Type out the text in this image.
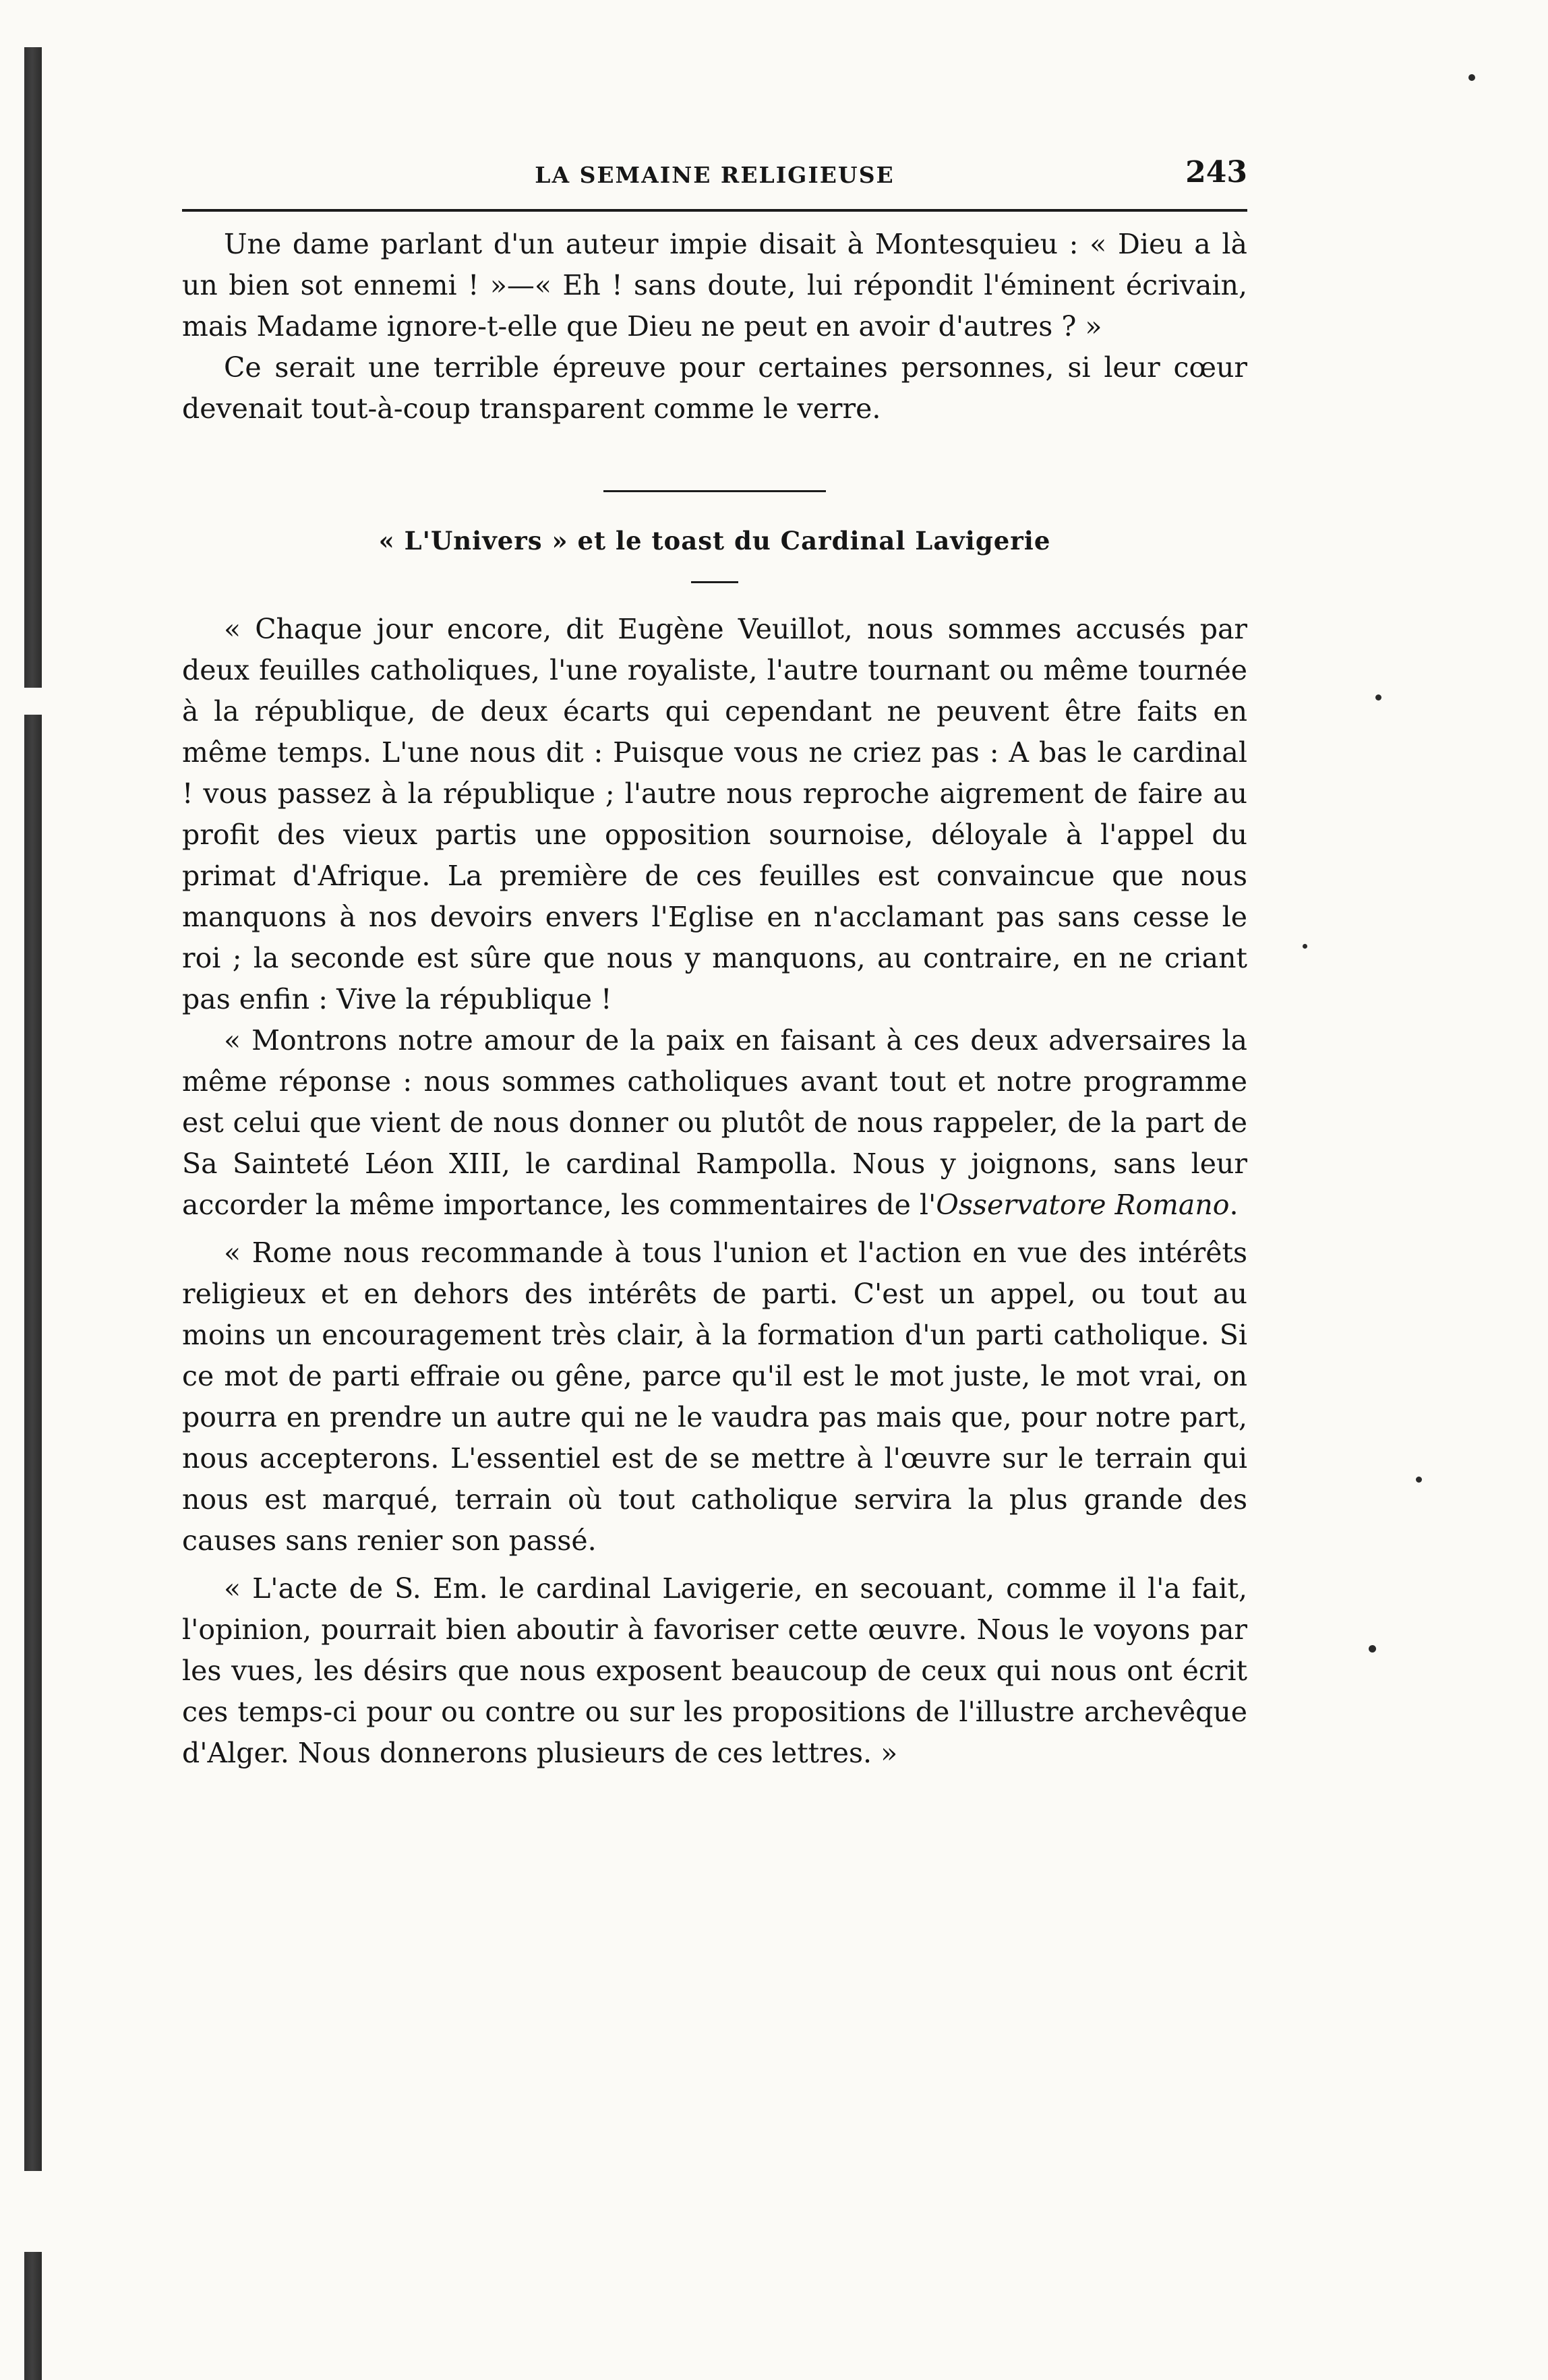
LA SEMAINE RELIGIEUSE	243

Une dame parlant d'un auteur impie disait à Montesquieu : « Dieu a là un bien sot ennemi ! »—« Eh ! sans doute, lui répondit l'éminent écrivain, mais Madame ignore-t-elle que Dieu ne peut en avoir d'autres ? »

Ce serait une terrible épreuve pour certaines personnes, si leur cœur devenait tout-à-coup transparent comme le verre.

« L'Univers » et le toast du Cardinal Lavigerie

« Chaque jour encore, dit Eugène Veuillot, nous sommes accusés par deux feuilles catholiques, l'une royaliste, l'autre tournant ou même tournée à la république, de deux écarts qui cependant ne peuvent être faits en même temps. L'une nous dit : Puisque vous ne criez pas : A bas le cardinal ! vous passez à la république ; l'autre nous reproche aigrement de faire au profit des vieux partis une opposition sournoise, déloyale à l'appel du primat d'Afrique. La première de ces feuilles est convaincue que nous manquons à nos devoirs envers l'Eglise en n'acclamant pas sans cesse le roi ; la seconde est sûre que nous y manquons, au contraire, en ne criant pas enfin : Vive la république !

« Montrons notre amour de la paix en faisant à ces deux adversaires la même réponse : nous sommes catholiques avant tout et notre programme est celui que vient de nous donner ou plutôt de nous rappeler, de la part de Sa Sainteté Léon XIII, le cardinal Rampolla. Nous y joignons, sans leur accorder la même importance, les commentaires de l'Osservatore Romano.

« Rome nous recommande à tous l'union et l'action en vue des intérêts religieux et en dehors des intérêts de parti. C'est un appel, ou tout au moins un encouragement très clair, à la formation d'un parti catholique. Si ce mot de parti effraie ou gêne, parce qu'il est le mot juste, le mot vrai, on pourra en prendre un autre qui ne le vaudra pas mais que, pour notre part, nous accepterons. L'essentiel est de se mettre à l'œuvre sur le terrain qui nous est marqué, terrain où tout catholique servira la plus grande des causes sans renier son passé.

« L'acte de S. Em. le cardinal Lavigerie, en secouant, comme il l'a fait, l'opinion, pourrait bien aboutir à favoriser cette œuvre. Nous le voyons par les vues, les désirs que nous exposent beaucoup de ceux qui nous ont écrit ces temps-ci pour ou contre ou sur les propositions de l'illustre archevêque d'Alger. Nous donnerons plusieurs de ces lettres. »
